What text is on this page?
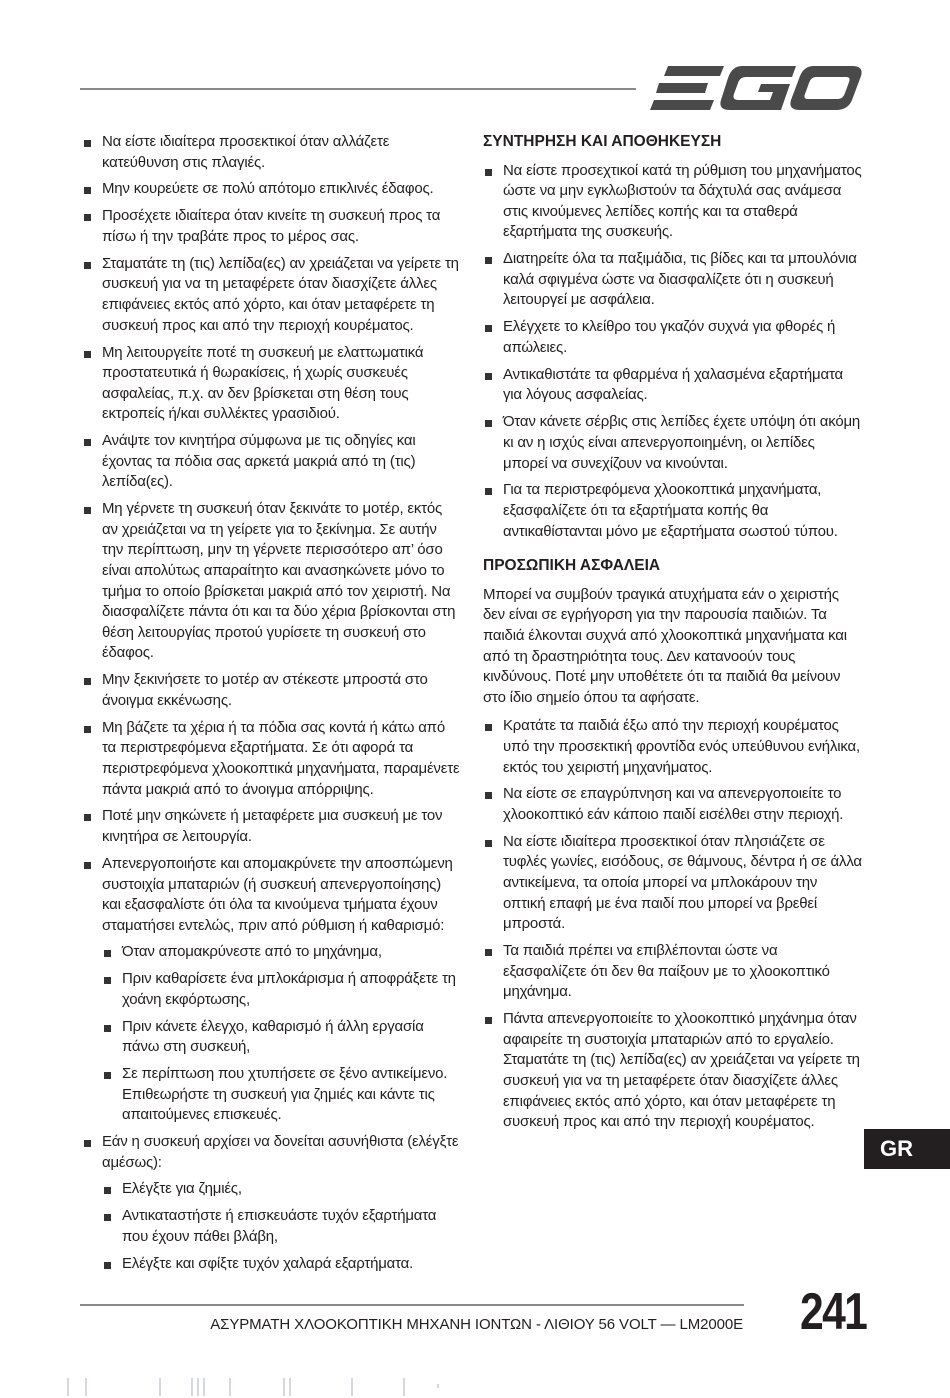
Να είστε ιδιαίτερα προσεκτικοί όταν αλλάζετε κατεύθυνση στις πλαγιές.
Μην κουρεύετε σε πολύ απότομο επικλινές έδαφος.
Προσέχετε ιδιαίτερα όταν κινείτε τη συσκευή προς τα πίσω ή την τραβάτε προς το μέρος σας.
Σταματάτε τη (τις) λεπίδα(ες) αν χρειάζεται να γείρετε τη συσκευή για να τη μεταφέρετε όταν διασχίζετε άλλες επιφάνειες εκτός από χόρτο, και όταν μεταφέρετε τη συσκευή προς και από την περιοχή κουρέματος.
Μη λειτουργείτε ποτέ τη συσκευή με ελαττωματικά προστατευτικά ή θωρακίσεις, ή χωρίς συσκευές ασφαλείας, π.χ. αν δεν βρίσκεται στη θέση τους εκτροπείς ή/και συλλέκτες γρασιδιού.
Ανάψτε τον κινητήρα σύμφωνα με τις οδηγίες και έχοντας τα πόδια σας αρκετά μακριά από τη (τις) λεπίδα(ες).
Μη γέρνετε τη συσκευή όταν ξεκινάτε το μοτέρ, εκτός αν χρειάζεται να τη γείρετε για το ξεκίνημα. Σε αυτήν την περίπτωση, μην τη γέρνετε περισσότερο απ’ όσο είναι απολύτως απαραίτητο και ανασηκώνετε μόνο το τμήμα το οποίο βρίσκεται μακριά από τον χειριστή. Να διασφαλίζετε πάντα ότι και τα δύο χέρια βρίσκονται στη θέση λειτουργίας προτού γυρίσετε τη συσκευή στο έδαφος.
Μην ξεκινήσετε το μοτέρ αν στέκεστε μπροστά στο άνοιγμα εκκένωσης.
Μη βάζετε τα χέρια ή τα πόδια σας κοντά ή κάτω από τα περιστρεφόμενα εξαρτήματα. Σε ότι αφορά τα περιστρεφόμενα χλοοκοπτικά μηχανήματα, παραμένετε πάντα μακριά από το άνοιγμα απόρριψης.
Ποτέ μην σηκώνετε ή μεταφέρετε μια συσκευή με τον κινητήρα σε λειτουργία.
Απενεργοποιήστε και απομακρύνετε την αποσπώμενη συστοιχία μπαταριών (ή συσκευή απενεργοποίησης) και εξασφαλίστε ότι όλα τα κινούμενα τμήματα έχουν σταματήσει εντελώς, πριν από ρύθμιση ή καθαρισμό:
Όταν απομακρύνεστε από το μηχάνημα,
Πριν καθαρίσετε ένα μπλοκάρισμα ή αποφράξετε τη χοάνη εκφόρτωσης,
Πριν κάνετε έλεγχο, καθαρισμό ή άλλη εργασία πάνω στη συσκευή,
Σε περίπτωση που χτυπήσετε σε ξένο αντικείμενο. Επιθεωρήστε τη συσκευή για ζημιές και κάντε τις απαιτούμενες επισκευές.
Εάν η συσκευή αρχίσει να δονείται ασυνήθιστα (ελέγξτε αμέσως):
Ελέγξτε για ζημιές,
Αντικαταστήστε ή επισκευάστε τυχόν εξαρτήματα που έχουν πάθει βλάβη,
Ελέγξτε και σφίξτε τυχόν χαλαρά εξαρτήματα.
ΣΥΝΤΗΡΗΣΗ ΚΑΙ ΑΠΟΘΗΚΕΥΣΗ
Να είστε προσεχτικοί κατά τη ρύθμιση του μηχανήματος ώστε να μην εγκλωβιστούν τα δάχτυλά σας ανάμεσα στις κινούμενες λεπίδες κοπής και τα σταθερά εξαρτήματα της συσκευής.
Διατηρείτε όλα τα παξιμάδια, τις βίδες και τα μπουλόνια καλά σφιγμένα ώστε να διασφαλίζετε ότι η συσκευή λειτουργεί με ασφάλεια.
Ελέγχετε το κλείθρο του γκαζόν συχνά για φθορές ή απώλειες.
Αντικαθιστάτε τα φθαρμένα ή χαλασμένα εξαρτήματα για λόγους ασφαλείας.
Όταν κάνετε σέρβις στις λεπίδες έχετε υπόψη ότι ακόμη κι αν η ισχύς είναι απενεργοποιημένη, οι λεπίδες μπορεί να συνεχίζουν να κινούνται.
Για τα περιστρεφόμενα χλοοκοπτικά μηχανήματα, εξασφαλίζετε ότι τα εξαρτήματα κοπής θα αντικαθίστανται μόνο με εξαρτήματα σωστού τύπου.
ΠΡΟΣΩΠΙΚΗ ΑΣΦΑΛΕΙΑ

Μπορεί να συμβούν τραγικά ατυχήματα εάν ο χειριστής δεν είναι σε εγρήγορση για την παρουσία παιδιών. Τα παιδιά έλκονται συχνά από χλοοκοπτικά μηχανήματα και από τη δραστηριότητα τους. Δεν κατανοούν τους κινδύνους. Ποτέ μην υποθέτετε ότι τα παιδιά θα μείνουν στο ίδιο σημείο όπου τα αφήσατε.

Κρατάτε τα παιδιά έξω από την περιοχή κουρέματος υπό την προσεκτική φροντίδα ενός υπεύθυνου ενήλικα, εκτός του χειριστή μηχανήματος.
Να είστε σε επαγρύπνηση και να απενεργοποιείτε το χλοοκοπτικό εάν κάποιο παιδί εισέλθει στην περιοχή.
Να είστε ιδιαίτερα προσεκτικοί όταν πλησιάζετε σε τυφλές γωνίες, εισόδους, σε θάμνους, δέντρα ή σε άλλα αντικείμενα, τα οποία μπορεί να μπλοκάρουν την οπτική επαφή με ένα παιδί που μπορεί να βρεθεί μπροστά.
Τα παιδιά πρέπει να επιβλέπονται ώστε να εξασφαλίζετε ότι δεν θα παίξουν με το χλοοκοπτικό μηχάνημα.
Πάντα απενεργοποιείτε το χλοοκοπτικό μηχάνημα όταν αφαιρείτε τη συστοιχία μπαταριών από το εργαλείο. Σταματάτε τη (τις) λεπίδα(ες) αν χρειάζεται να γείρετε τη συσκευή για να τη μεταφέρετε όταν διασχίζετε άλλες επιφάνειες εκτός από χόρτο, και όταν μεταφέρετε τη συσκευή προς και από την περιοχή κουρέματος.
GR
ΑΣΥΡΜΑΤΗ ΧΛΟΟΚΟΠΤΙΚΗ ΜΗΧΑΝΗ ΙΟΝΤΩΝ - ΛΙΘΙΟΥ 56 VOLT — LM2000E 241
